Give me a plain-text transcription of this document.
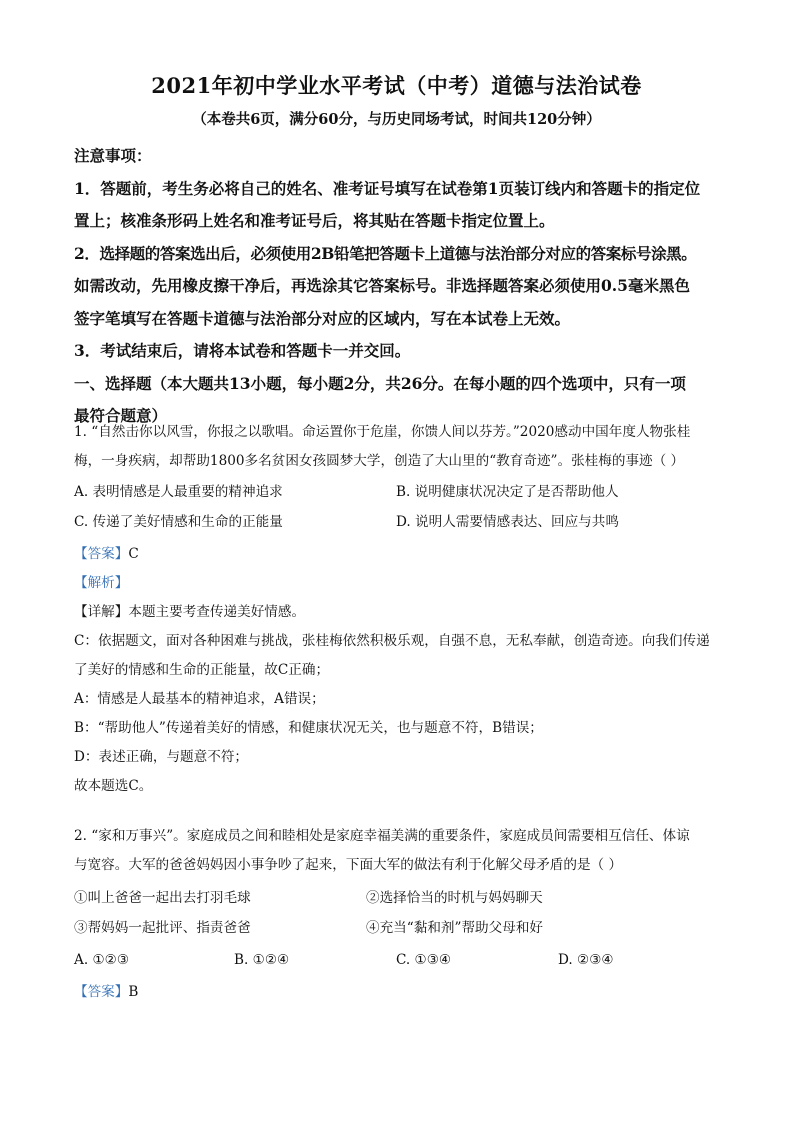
2021年初中学业水平考试（中考）道德与法治试卷
（本卷共6页，满分60分，与历史同场考试，时间共120分钟）

注意事项：

1．答题前，考生务必将自己的姓名、准考证号填写在试卷第1页装订线内和答题卡的指定位

置上；核准条形码上姓名和准考证号后，将其贴在答题卡指定位置上。

2．选择题的答案选出后，必须使用2B铅笔把答题卡上道德与法治部分对应的答案标号涂黑。

如需改动，先用橡皮擦干净后，再选涂其它答案标号。非选择题答案必须使用0.5毫米黑色

签字笔填写在答题卡道德与法治部分对应的区域内，写在本试卷上无效。

3．考试结束后，请将本试卷和答题卡一并交回。

一、选择题（本大题共13小题，每小题2分，共26分。在每小题的四个选项中，只有一项

最符合题意）

1. “自然击你以风雪，你报之以歌唱。命运置你于危崖，你馈人间以芬芳。”2020感动中国年度人物张桂

梅，一身疾病，却帮助1800多名贫困女孩圆梦大学，创造了大山里的“教育奇迹”。张桂梅的事迹（ ）

A. 表明情感是人最重要的精神追求	B. 说明健康状况决定了是否帮助他人
C. 传递了美好情感和生命的正能量	D. 说明人需要情感表达、回应与共鸣

【答案】C

【解析】

【详解】本题主要考查传递美好情感。

C：依据题文，面对各种困难与挑战，张桂梅依然积极乐观，自强不息，无私奉献，创造奇迹。向我们传递

了美好的情感和生命的正能量，故C正确；

A：情感是人最基本的精神追求，A错误；

B：“帮助他人”传递着美好的情感，和健康状况无关，也与题意不符，B错误；

D：表述正确，与题意不符；

故本题选C。

2. “家和万事兴”。家庭成员之间和睦相处是家庭幸福美满的重要条件，家庭成员间需要相互信任、体谅

与宽容。大军的爸爸妈妈因小事争吵了起来，下面大军的做法有利于化解父母矛盾的是（ ）

①叫上爸爸一起出去打羽毛球	②选择恰当的时机与妈妈聊天
③帮妈妈一起批评、指责爸爸	④充当“黏和剂”帮助父母和好
A. ①②③	B. ①②④	C. ①③④	D. ②③④

【答案】B
